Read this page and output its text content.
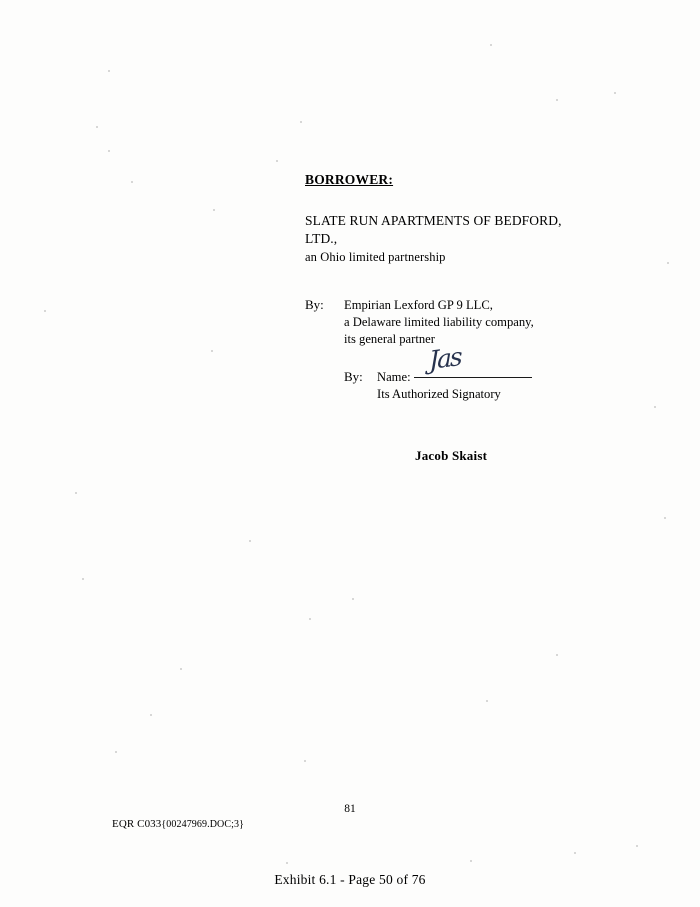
BORROWER:
SLATE RUN APARTMENTS OF BEDFORD,
LTD.,
an Ohio limited partnership
By:	Empirian Lexford GP 9 LLC,
a Delaware limited liability company,
its general partner
By:
Jas
Name:
Its Authorized Signatory
Jacob Skaist
81
EQR C033{00247969.DOC;3}
Exhibit 6.1 - Page 50 of 76
